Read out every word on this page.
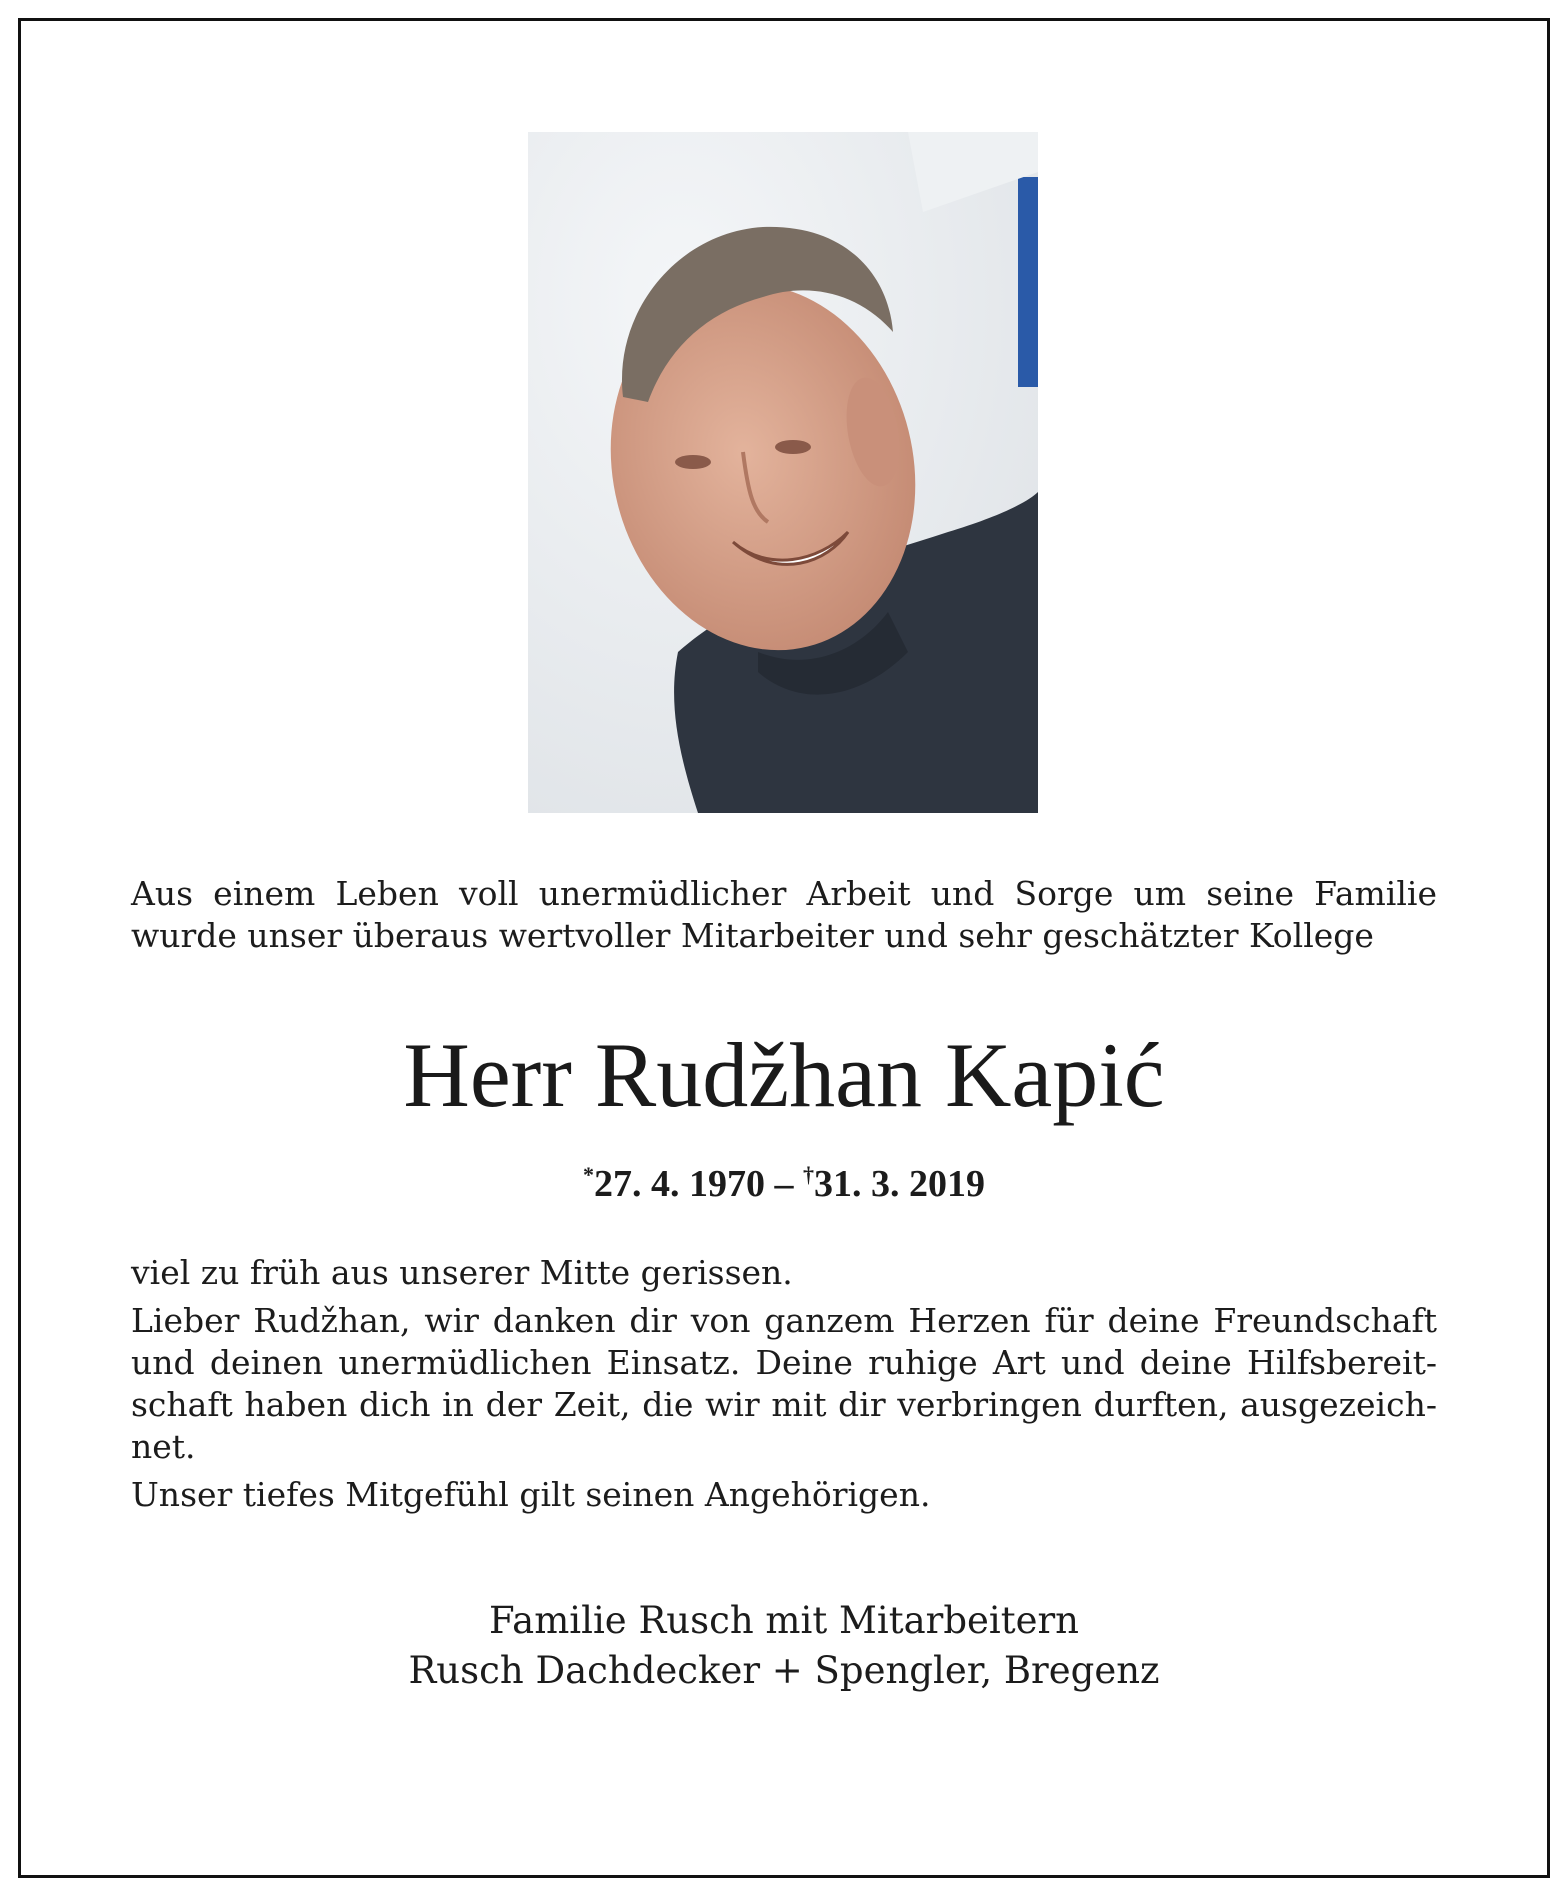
Aus einem Leben voll unermüdlicher Arbeit und Sorge um seine Familie
wurde unser überaus wertvoller Mitarbeiter und sehr geschätzter Kollege

Herr Rudžhan Kapić

*27. 4. 1970 – †31. 3. 2019

viel zu früh aus unserer Mitte gerissen.

Lieber Rudžhan, wir danken dir von ganzem Herzen für deine Freundschaft
und deinen unermüdlichen Einsatz. Deine ruhige Art und deine Hilfsbereit-
schaft haben dich in der Zeit, die wir mit dir verbringen durften, ausgezeich-
net.

Unser tiefes Mitgefühl gilt seinen Angehörigen.

Familie Rusch mit Mitarbeitern
Rusch Dachdecker + Spengler, Bregenz
